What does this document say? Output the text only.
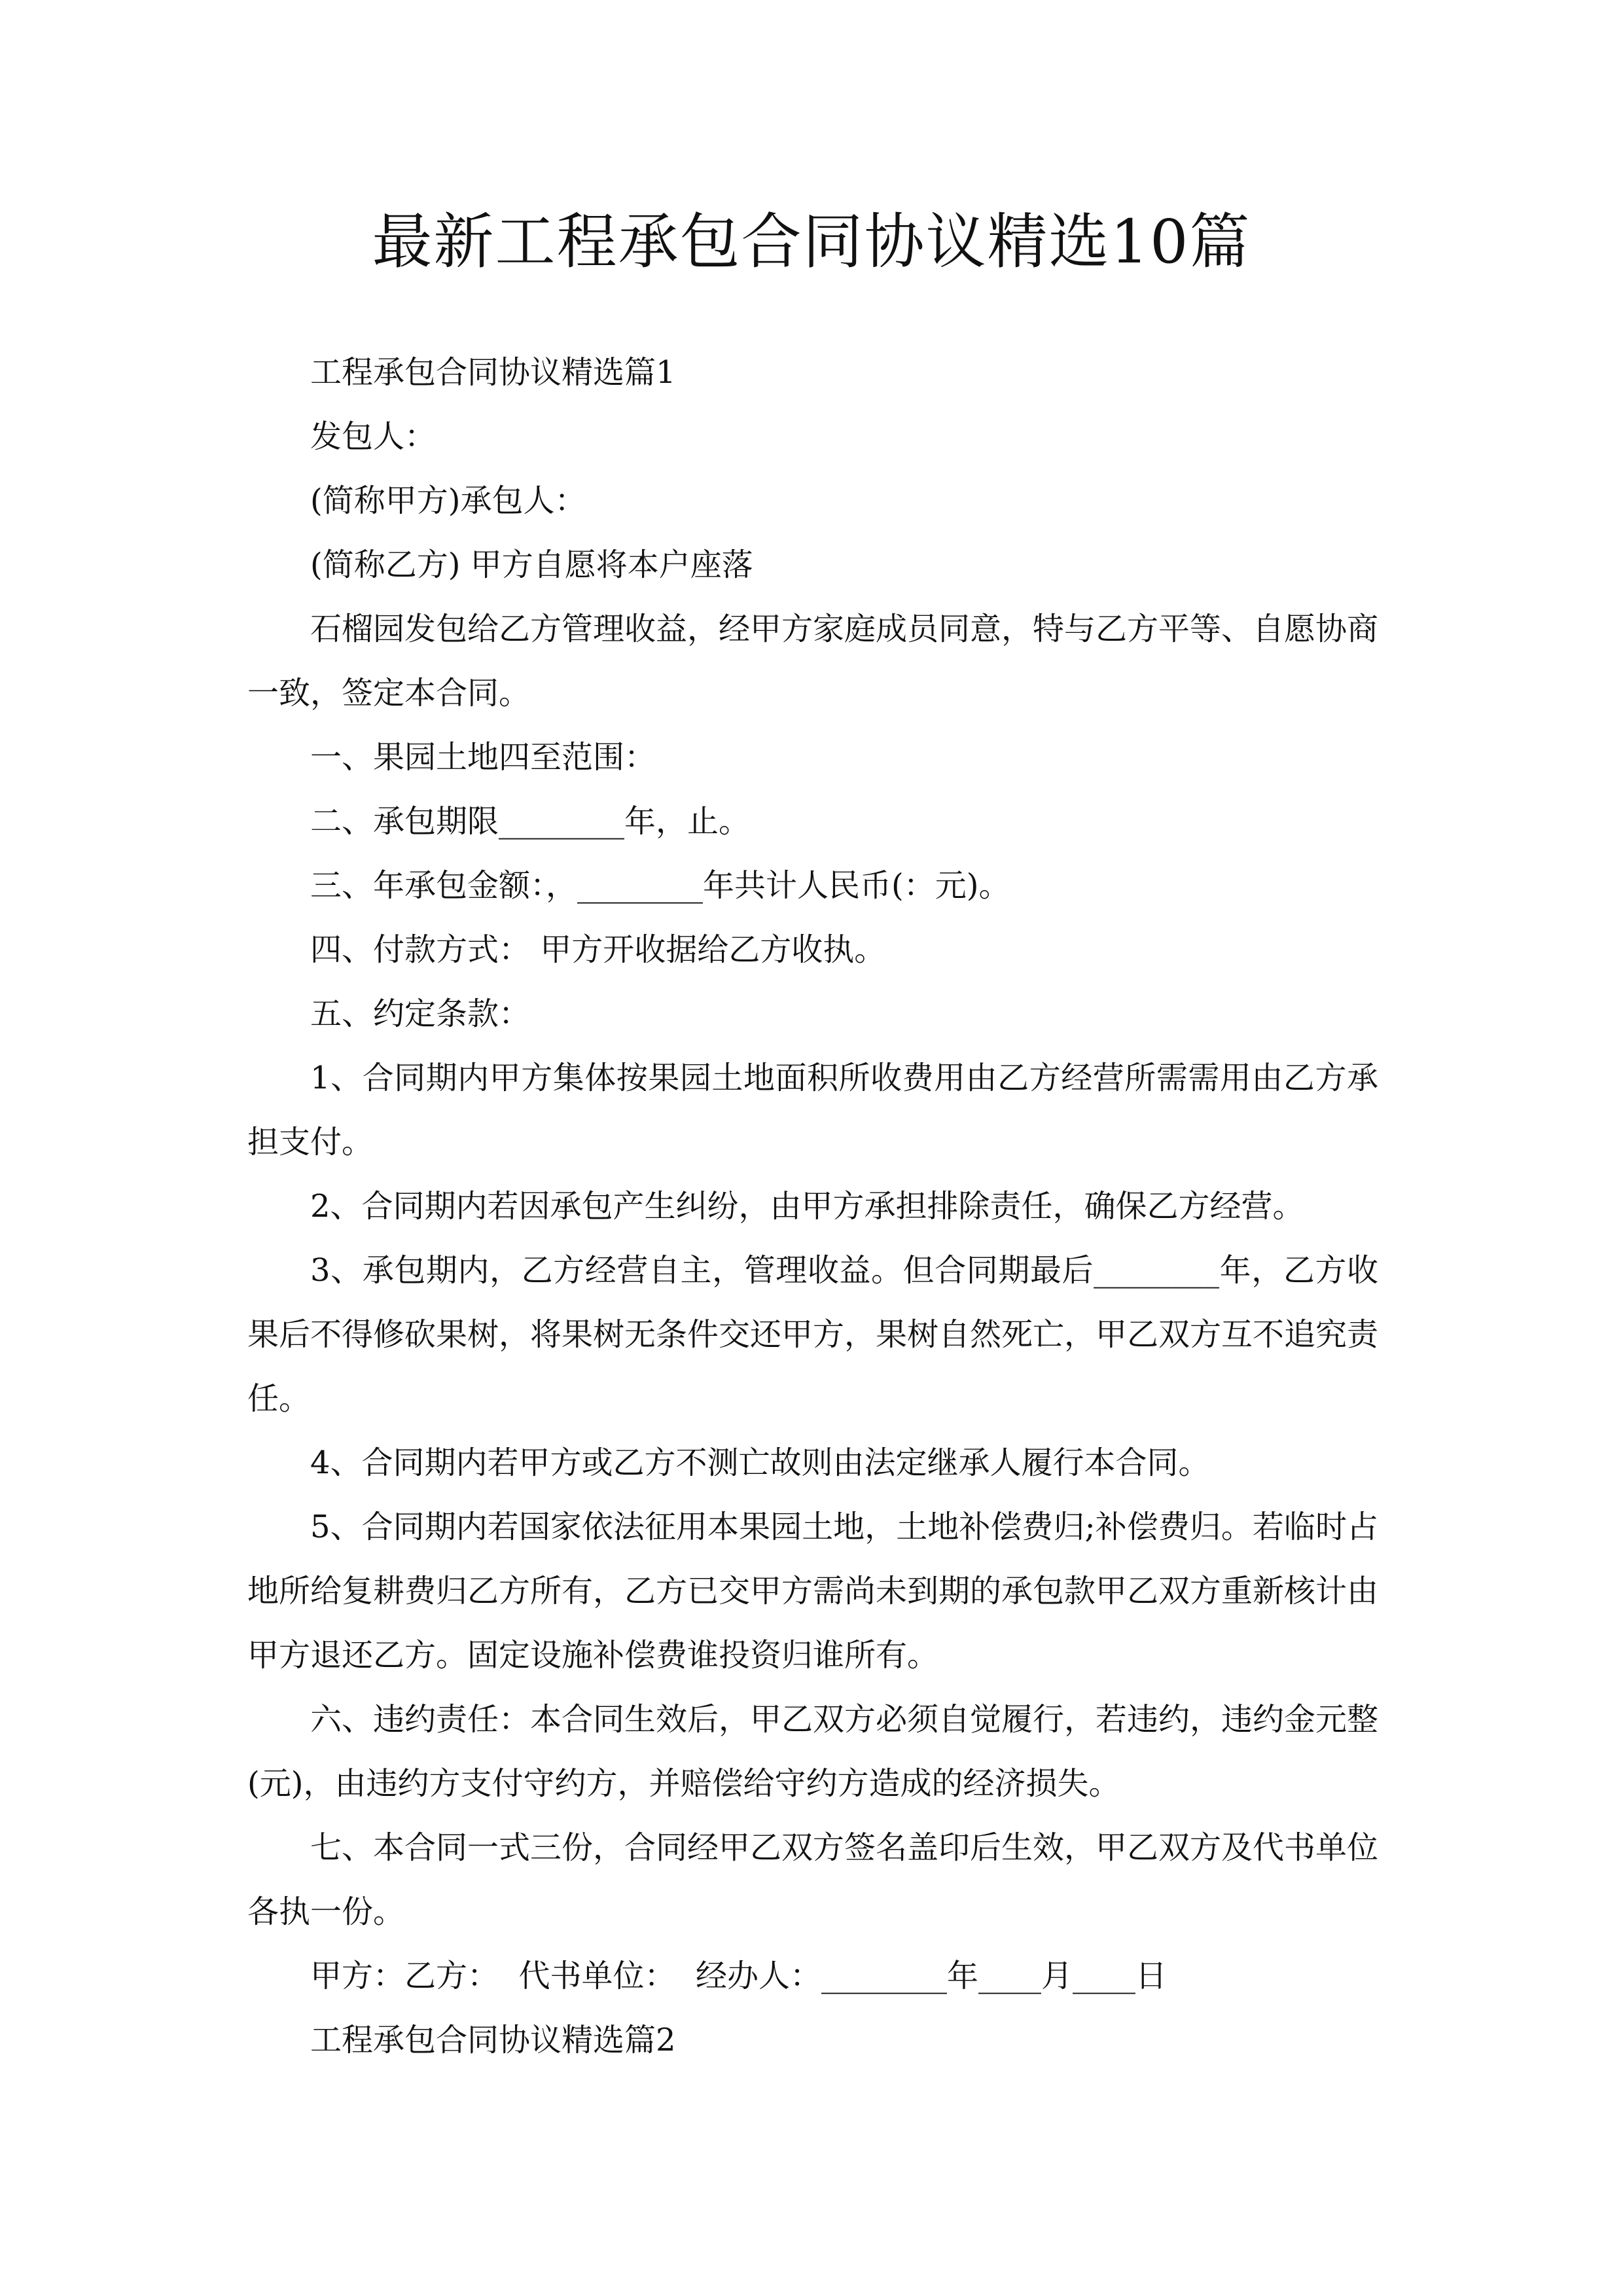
最新工程承包合同协议精选10篇

工程承包合同协议精选篇1

发包人：

(简称甲方)承包人：

(简称乙方) 甲方自愿将本户座落

石榴园发包给乙方管理收益，经甲方家庭成员同意，特与乙方平等、自愿协商一致，签定本合同。

一、果园土地四至范围：

二、承包期限________年，止。

三、年承包金额：，________年共计人民币(：元)。

四、付款方式： 甲方开收据给乙方收执。

五、约定条款：

1、合同期内甲方集体按果园土地面积所收费用由乙方经营所需需用由乙方承担支付。

2、合同期内若因承包产生纠纷，由甲方承担排除责任，确保乙方经营。

3、承包期内，乙方经营自主，管理收益。但合同期最后________年，乙方收果后不得修砍果树，将果树无条件交还甲方，果树自然死亡，甲乙双方互不追究责任。

4、合同期内若甲方或乙方不测亡故则由法定继承人履行本合同。

5、合同期内若国家依法征用本果园土地，土地补偿费归;补偿费归。若临时占地所给复耕费归乙方所有，乙方已交甲方需尚未到期的承包款甲乙双方重新核计由甲方退还乙方。固定设施补偿费谁投资归谁所有。

六、违约责任：本合同生效后，甲乙双方必须自觉履行，若违约，违约金元整(元)，由违约方支付守约方，并赔偿给守约方造成的经济损失。

七、本合同一式三份，合同经甲乙双方签名盖印后生效，甲乙双方及代书单位各执一份。

甲方：乙方：  代书单位：  经办人：________年____月____日

工程承包合同协议精选篇2
